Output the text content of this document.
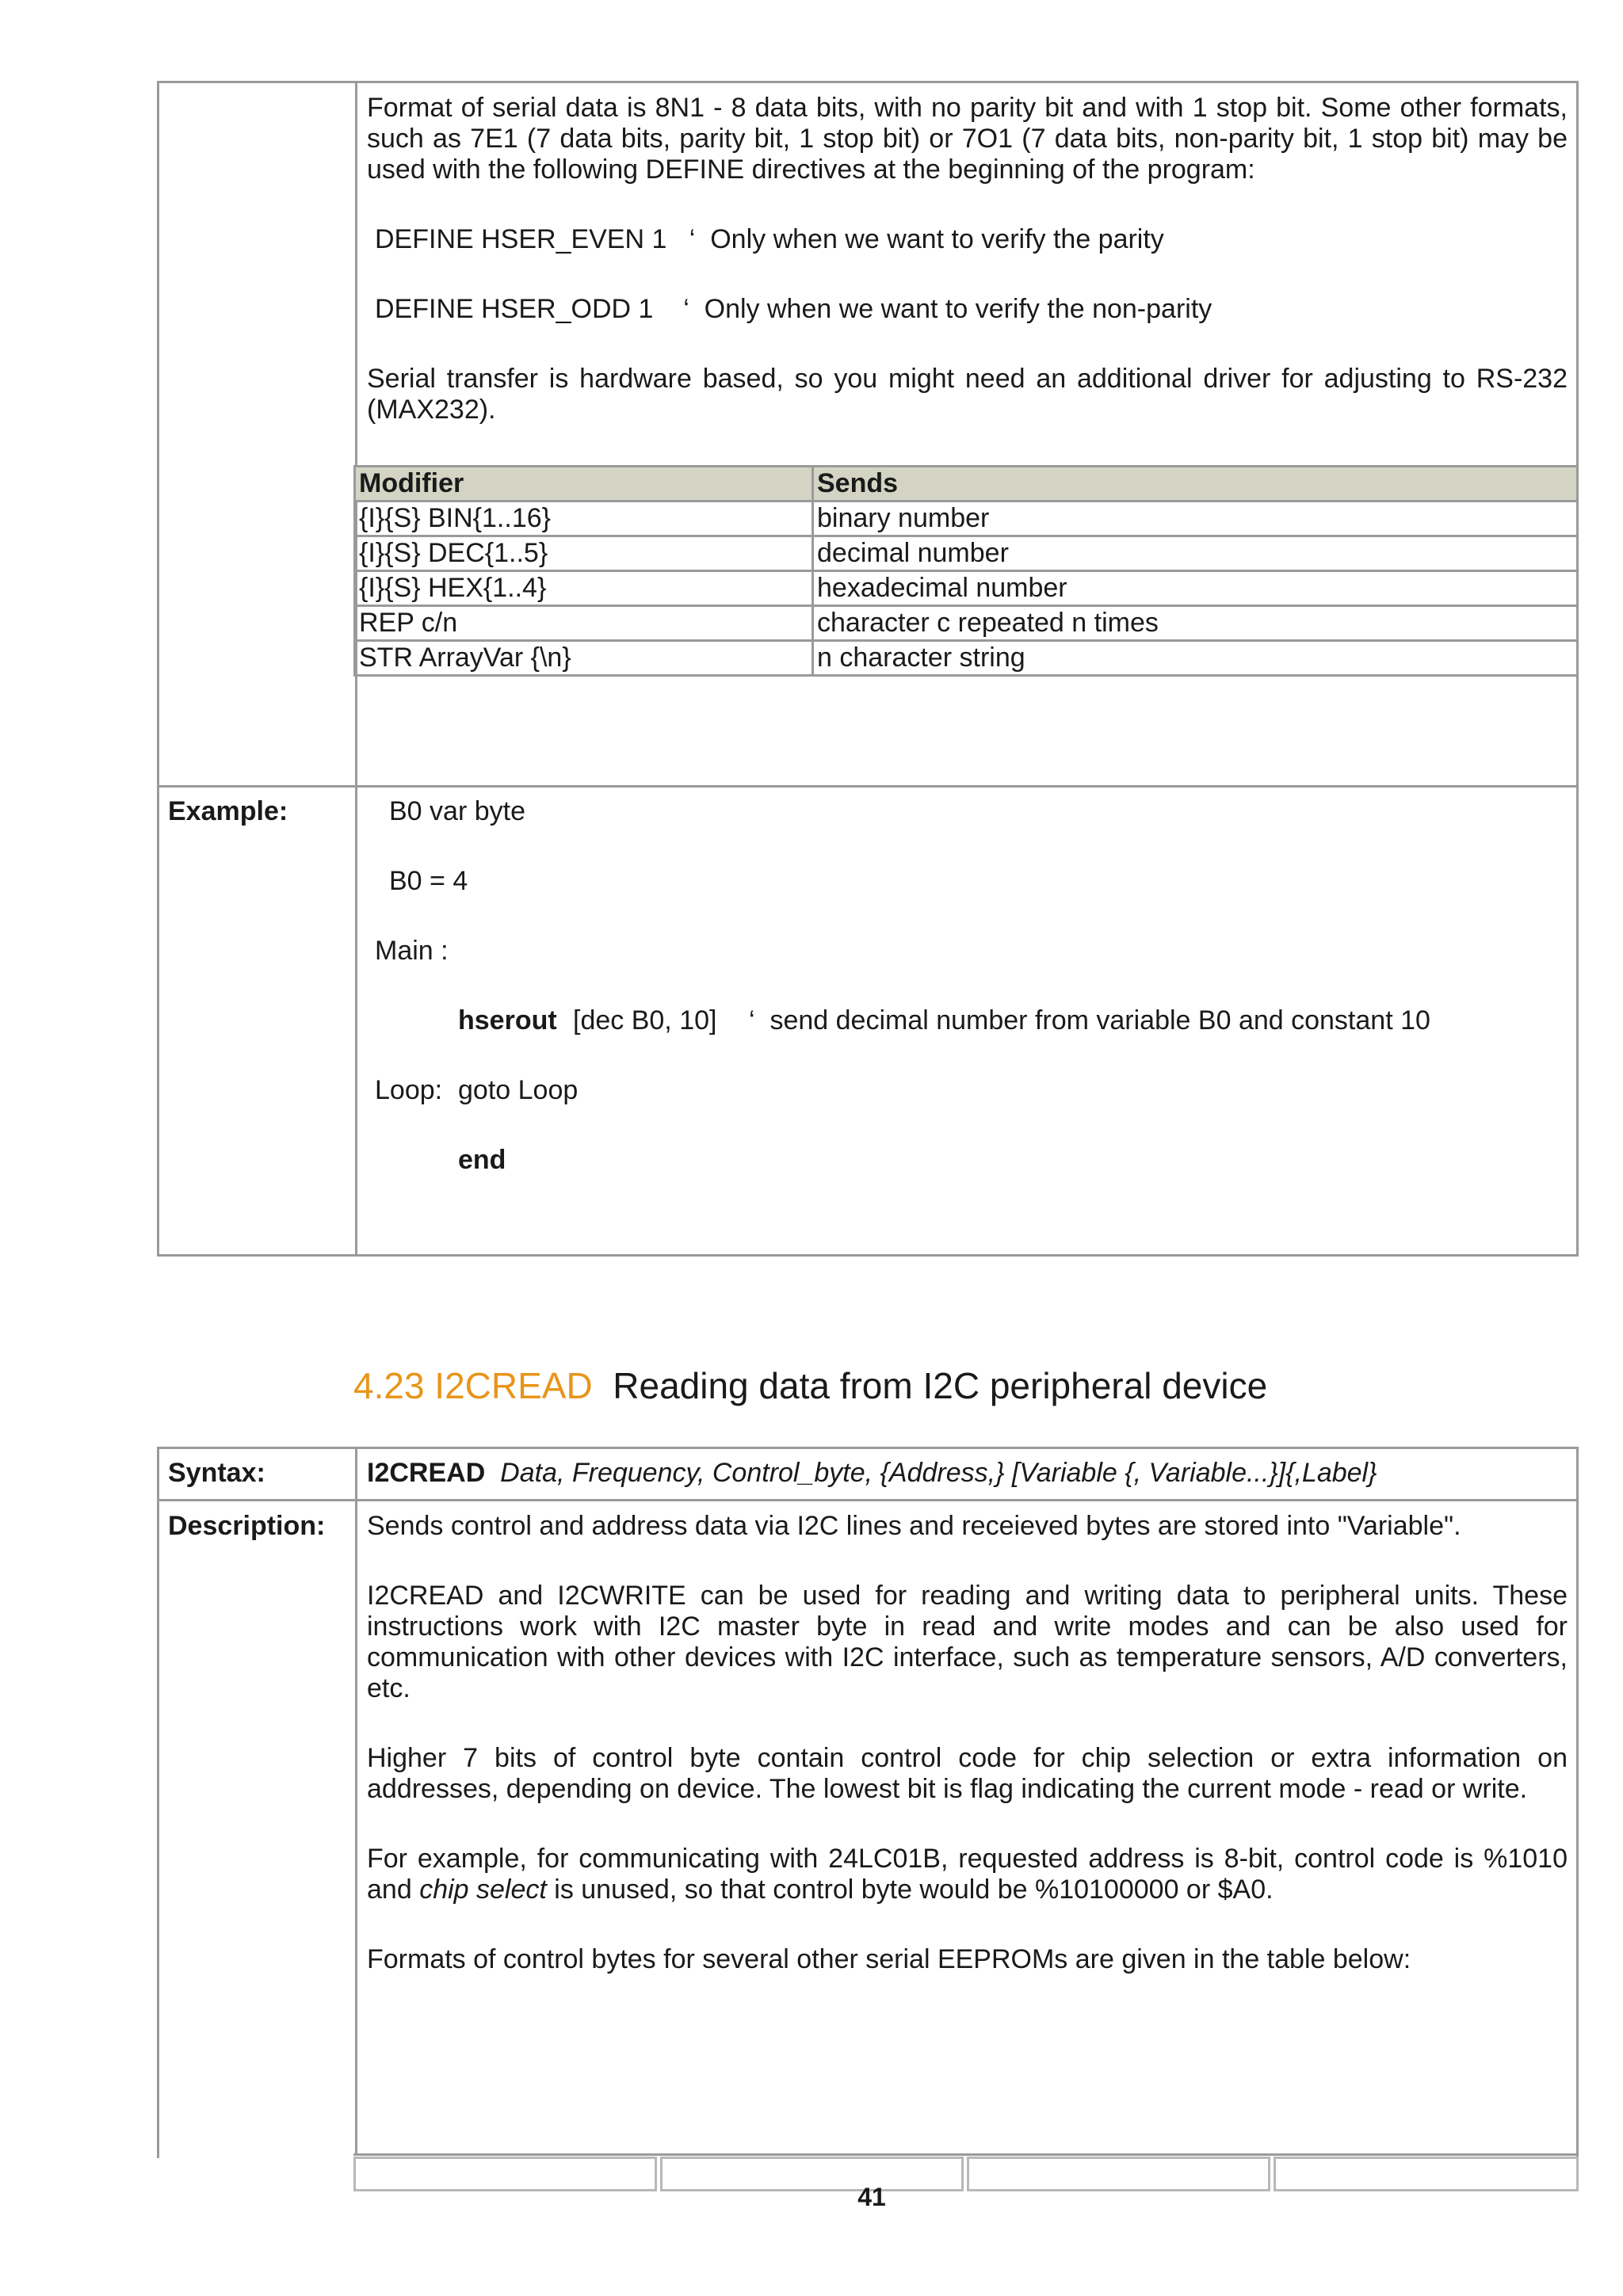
Format of serial data is 8N1 - 8 data bits, with no parity bit and with 1 stop bit. Some other formats, such as 7E1 (7 data bits, parity bit, 1 stop bit) or 7O1 (7 data bits, non-parity bit, 1 stop bit) may be used with the following DEFINE directives at the beginning of the program:
DEFINE HSER_EVEN 1   ‘  Only when we want to verify the parity
DEFINE HSER_ODD 1    ‘  Only when we want to verify the non-parity
Serial transfer is hardware based, so you might need an additional driver for adjusting to RS-232 (MAX232).
Modifier	Sends
{I}{S} BIN{1..16}	binary number
{I}{S} DEC{1..5}	decimal number
{I}{S} HEX{1..4}	hexadecimal number
REP c/n	character c repeated n times
STR ArrayVar {\n}	n character string
Example:	B0 var byte
B0 = 4
Main :
hserout [dec B0, 10] ‘  send decimal number from variable B0 and constant 10
Loop: goto Loop
end
4.23 I2CREAD Reading data from I2C peripheral device
Syntax:	I2CREAD Data, Frequency, Control_byte, {Address,} [Variable {, Variable...}]{,Label}
Description: Sends control and address data via I2C lines and receieved bytes are stored into "Variable".
I2CREAD and I2CWRITE can be used for reading and writing data to peripheral units. These instructions work with I2C master byte in read and write modes and can be also used for communication with other devices with I2C interface, such as temperature sensors, A/D converters, etc.
Higher 7 bits of control byte contain control code for chip selection or extra information on addresses, depending on device. The lowest bit is flag indicating the current mode - read or write.
For example, for communicating with 24LC01B, requested address is 8-bit, control code is %1010 and chip select is unused, so that control byte would be %10100000 or $A0.
Formats of control bytes for several other serial EEPROMs are given in the table below:
41
